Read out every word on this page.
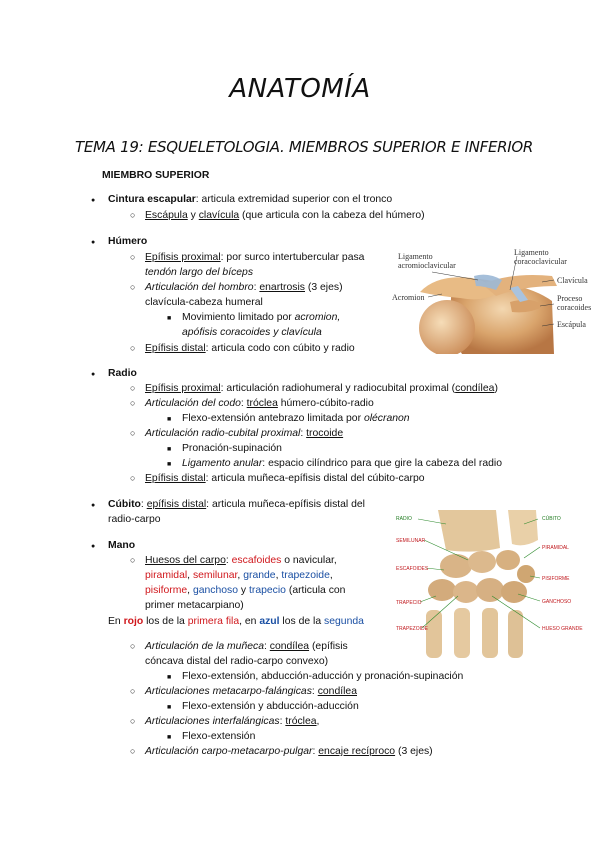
ANATOMÍA
TEMA 19: ESQUELETOLOGIA. MIEMBROS SUPERIOR E INFERIOR
MIEMBRO SUPERIOR
● Cintura escapular: articula extremidad superior con el tronco
○ Escápula y clavícula (que articula con la cabeza del húmero)
● Húmero
○ Epífisis proximal: por surco intertubercular pasa
tendón largo del bíceps
○ Articulación del hombro: enartrosis (3 ejes)
clavícula-cabeza humeral
■ Movimiento limitado por acromion,
apófisis coracoides y clavícula
○ Epífisis distal: articula codo con cúbito y radio
Ligamento
acromioclavicular
Ligamento
coracoclavicular
Clavícula
Acromion	Proceso
coracoides
Escápula
● Radio
○ Epífisis proximal: articulación radiohumeral y radiocubital proximal (condílea)
○ Articulación del codo: tróclea húmero-cúbito-radio
■ Flexo-extensión antebrazo limitada por olécranon
○ Articulación radio-cubital proximal: trocoide
■ Pronación-supinación
■ Ligamento anular: espacio cilíndrico para que gire la cabeza del radio
○ Epífisis distal: articula muñeca-epífisis distal del cúbito-carpo
● Cúbito: epífisis distal: articula muñeca-epífisis distal del
radio-carpo
● Mano
○ Huesos del carpo: escafoides o navicular,
piramidal, semilunar, grande, trapezoide,
pisiforme, ganchoso y trapecio (articula con
primer metacarpiano)
En rojo los de la primera fila, en azul los de la segunda
○ Articulación de la muñeca: condílea (epífisis
cóncava distal del radio-carpo convexo)
■ Flexo-extensión, abducción-aducción y pronación-supinación
○ Articulaciones metacarpo-falángicas: condílea
■ Flexo-extensión y abducción-aducción
○ Articulaciones interfalángicas: tróclea,
■ Flexo-extensión
○ Articulación carpo-metacarpo-pulgar: encaje recíproco (3 ejes)
RADIO	CÚBITO
SEMILUNAR
ESCAFOIDES
TRAPECIO
TRAPEZOIDE
PIRAMIDAL
PISIFORME
GANCHOSO
HUESO GRANDE
